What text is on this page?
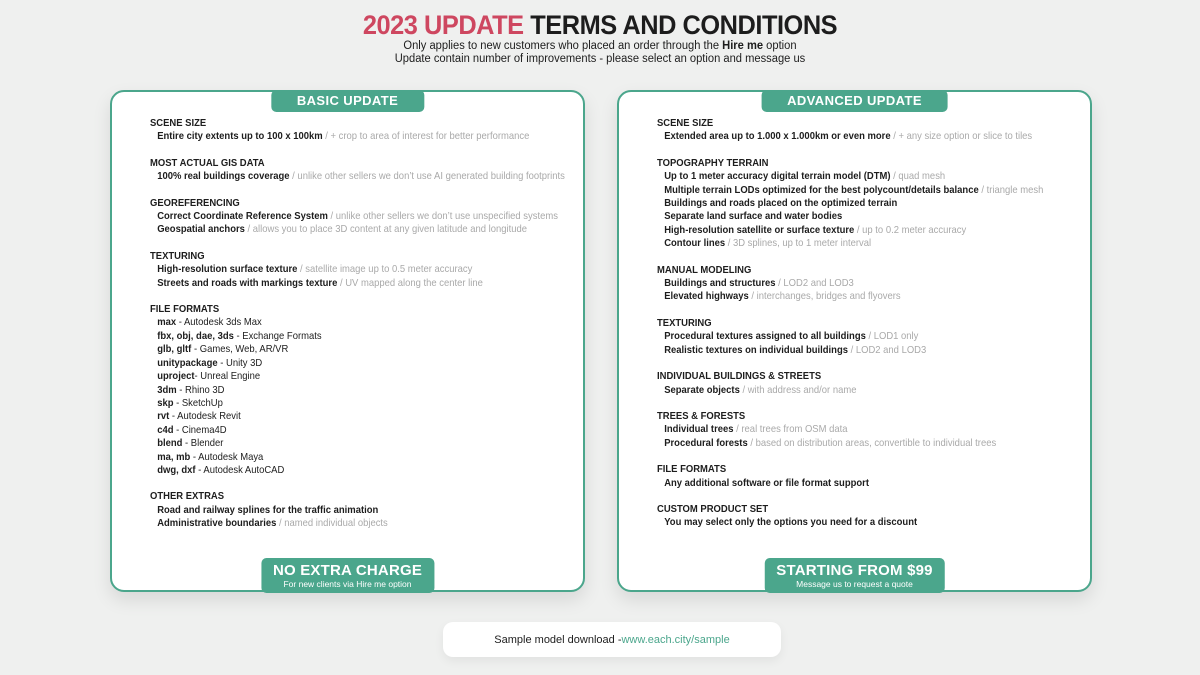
2023 UPDATE TERMS AND CONDITIONS
Only applies to new customers who placed an order through the Hire me option
Update contain number of improvements - please select an option and message us
BASIC UPDATE
SCENE SIZE
Entire city extents up to 100 x 100km / + crop to area of interest for better performance
MOST ACTUAL GIS DATA
100% real buildings coverage / unlike other sellers we don’t use AI generated building footprints
GEOREFERENCING
Correct Coordinate Reference System / unlike other sellers we don’t use unspecified systems
Geospatial anchors / allows you to place 3D content at any given latitude and longitude
TEXTURING
High-resolution surface texture / satellite image up to 0.5 meter accuracy
Streets and roads with markings texture / UV mapped along the center line
FILE FORMATS
max - Autodesk 3ds Max
fbx, obj, dae, 3ds - Exchange Formats
glb, gltf - Games, Web, AR/VR
unitypackage - Unity 3D
uproject- Unreal Engine
3dm - Rhino 3D
skp - SketchUp
rvt - Autodesk Revit
c4d - Cinema4D
blend - Blender
ma, mb - Autodesk Maya
dwg, dxf - Autodesk AutoCAD
OTHER EXTRAS
Road and railway splines for the traffic animation
Administrative boundaries / named individual objects
NO EXTRA CHARGE
For new clients via Hire me option
ADVANCED UPDATE
SCENE SIZE
Extended area up to 1.000 x 1.000km or even more / + any size option or slice to tiles
TOPOGRAPHY TERRAIN
Up to 1 meter accuracy digital terrain model (DTM) / quad mesh
Multiple terrain LODs optimized for the best polycount/details balance / triangle mesh
Buildings and roads placed on the optimized terrain
Separate land surface and water bodies
High-resolution satellite or surface texture / up to 0.2 meter accuracy
Contour lines / 3D splines, up to 1 meter interval
MANUAL MODELING
Buildings and structures / LOD2 and LOD3
Elevated highways / interchanges, bridges and flyovers
TEXTURING
Procedural textures assigned to all buildings / LOD1 only
Realistic textures on individual buildings / LOD2 and LOD3
INDIVIDUAL BUILDINGS & STREETS
Separate objects / with address and/or name
TREES & FORESTS
Individual trees / real trees from OSM data
Procedural forests / based on distribution areas, convertible to individual trees
FILE FORMATS
Any additional software or file format support
CUSTOM PRODUCT SET
You may select only the options you need for a discount
STARTING FROM $99
Message us to request a quote
Sample model download - www.each.city/sample
